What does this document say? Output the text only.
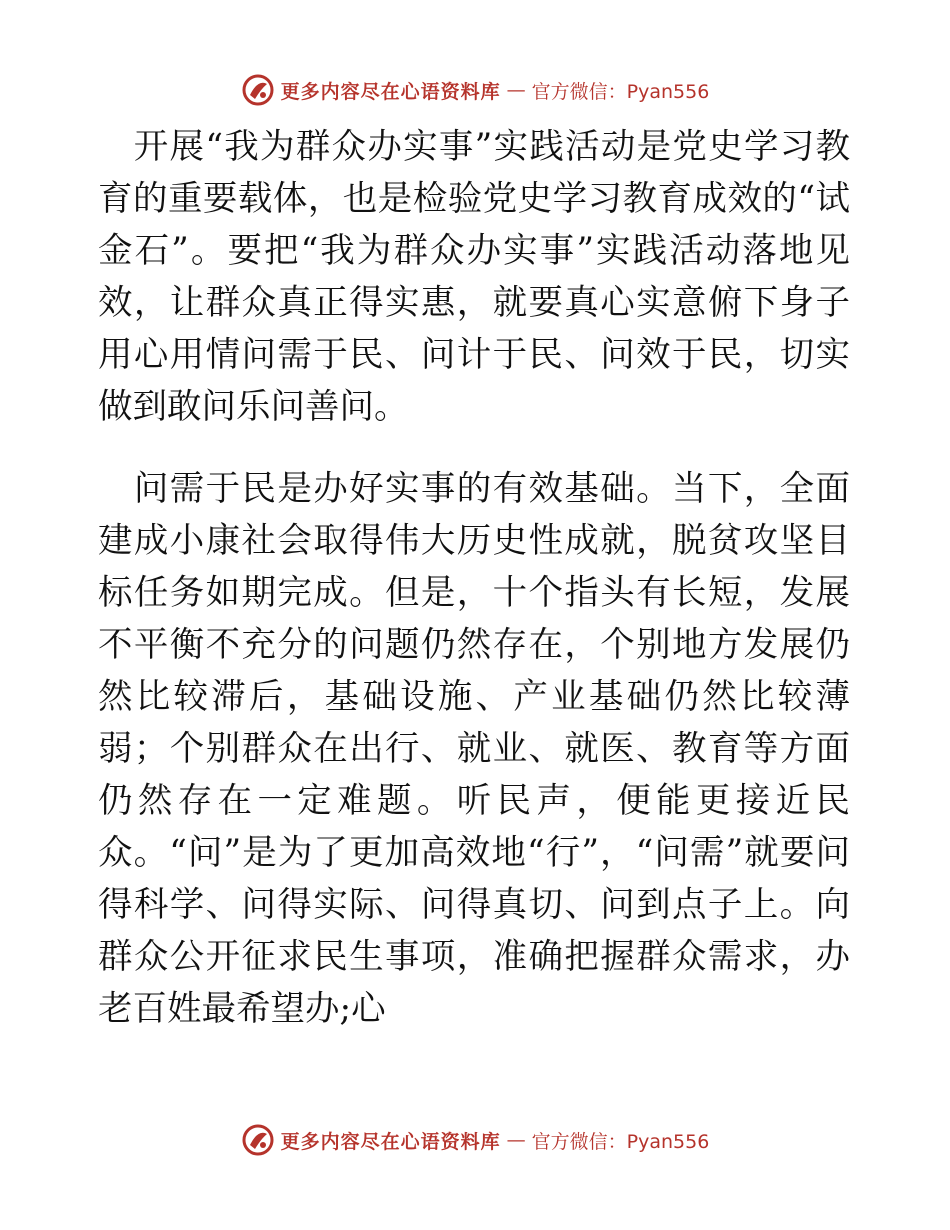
更多内容尽在心语资料库 — 官方微信：Pyan556

 开展“我为群众办实事”实践活动是党史学习教育的重要载体，也是检验党史学习教育成效的“试金石”。要把“我为群众办实事”实践活动落地见效，让群众真正得实惠，就要真心实意俯下身子用心用情问需于民、问计于民、问效于民，切实做到敢问乐问善问。

 问需于民是办好实事的有效基础。当下，全面建成小康社会取得伟大历史性成就，脱贫攻坚目标任务如期完成。但是，十个指头有长短，发展不平衡不充分的问题仍然存在，个别地方发展仍然比较滞后，基础设施、产业基础仍然比较薄弱；个别群众在出行、就业、就医、教育等方面仍然存在一定难题。听民声，便能更接近民众。“问”是为了更加高效地“行”，“问需”就要问得科学、问得实际、问得真切、问到点子上。向群众公开征求民生事项，准确把握群众需求，办老百姓最希望办;心

更多内容尽在心语资料库 — 官方微信：Pyan556
